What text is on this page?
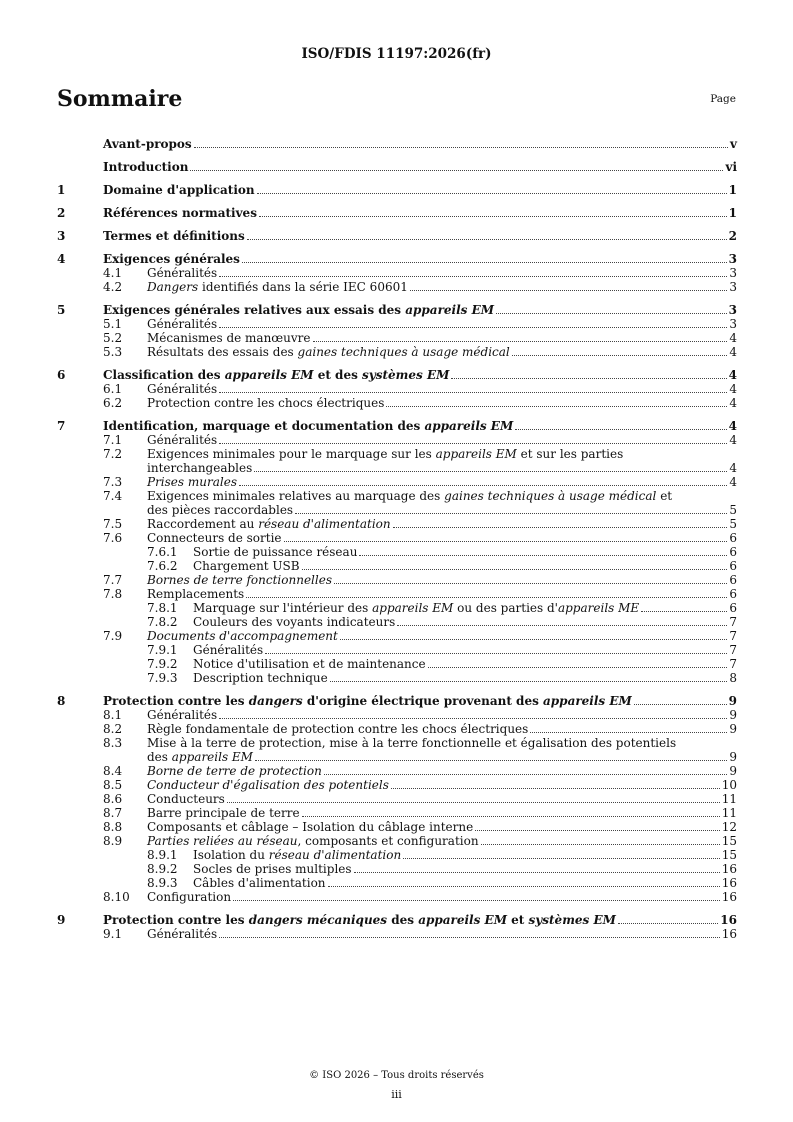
ISO/FDIS 11197:2026(fr)
Sommaire	Page
Avant-propos	v
Introduction	vi
1	Domaine d'application	1
2	Références normatives	1
3	Termes et définitions	2
4	Exigences générales	3
4.1	Généralités	3
4.2	Dangers identifiés dans la série IEC 60601	3
5	Exigences générales relatives aux essais des appareils EM	3
5.1	Généralités	3
5.2	Mécanismes de manœuvre	4
5.3	Résultats des essais des gaines techniques à usage médical	4
6	Classification des appareils EM et des systèmes EM	4
6.1	Généralités	4
6.2	Protection contre les chocs électriques	4
7	Identification, marquage et documentation des appareils EM	4
7.1	Généralités	4
7.2	Exigences minimales pour le marquage sur les appareils EM et sur les parties
interchangeables	4
7.3	Prises murales	4
7.4	Exigences minimales relatives au marquage des gaines techniques à usage médical et
des pièces raccordables	5
7.5	Raccordement au réseau d'alimentation	5
7.6	Connecteurs de sortie	6
7.6.1	Sortie de puissance réseau	6
7.6.2	Chargement USB	6
7.7	Bornes de terre fonctionnelles	6
7.8	Remplacements	6
7.8.1	Marquage sur l'intérieur des appareils EM ou des parties d'appareils ME	6
7.8.2	Couleurs des voyants indicateurs	7
7.9	Documents d'accompagnement	7
7.9.1	Généralités	7
7.9.2	Notice d'utilisation et de maintenance	7
7.9.3	Description technique	8
8	Protection contre les dangers d'origine électrique provenant des appareils EM	9
8.1	Généralités	9
8.2	Règle fondamentale de protection contre les chocs électriques	9
8.3	Mise à la terre de protection, mise à la terre fonctionnelle et égalisation des potentiels
des appareils EM	9
8.4	Borne de terre de protection	9
8.5	Conducteur d'égalisation des potentiels	10
8.6	Conducteurs	11
8.7	Barre principale de terre	11
8.8	Composants et câblage – Isolation du câblage interne	12
8.9	Parties reliées au réseau, composants et configuration	15
8.9.1	Isolation du réseau d'alimentation	15
8.9.2	Socles de prises multiples	16
8.9.3	Câbles d'alimentation	16
8.10	Configuration	16
9	Protection contre les dangers mécaniques des appareils EM et systèmes EM	16
9.1	Généralités	16
© ISO 2026 – Tous droits réservés
iii
